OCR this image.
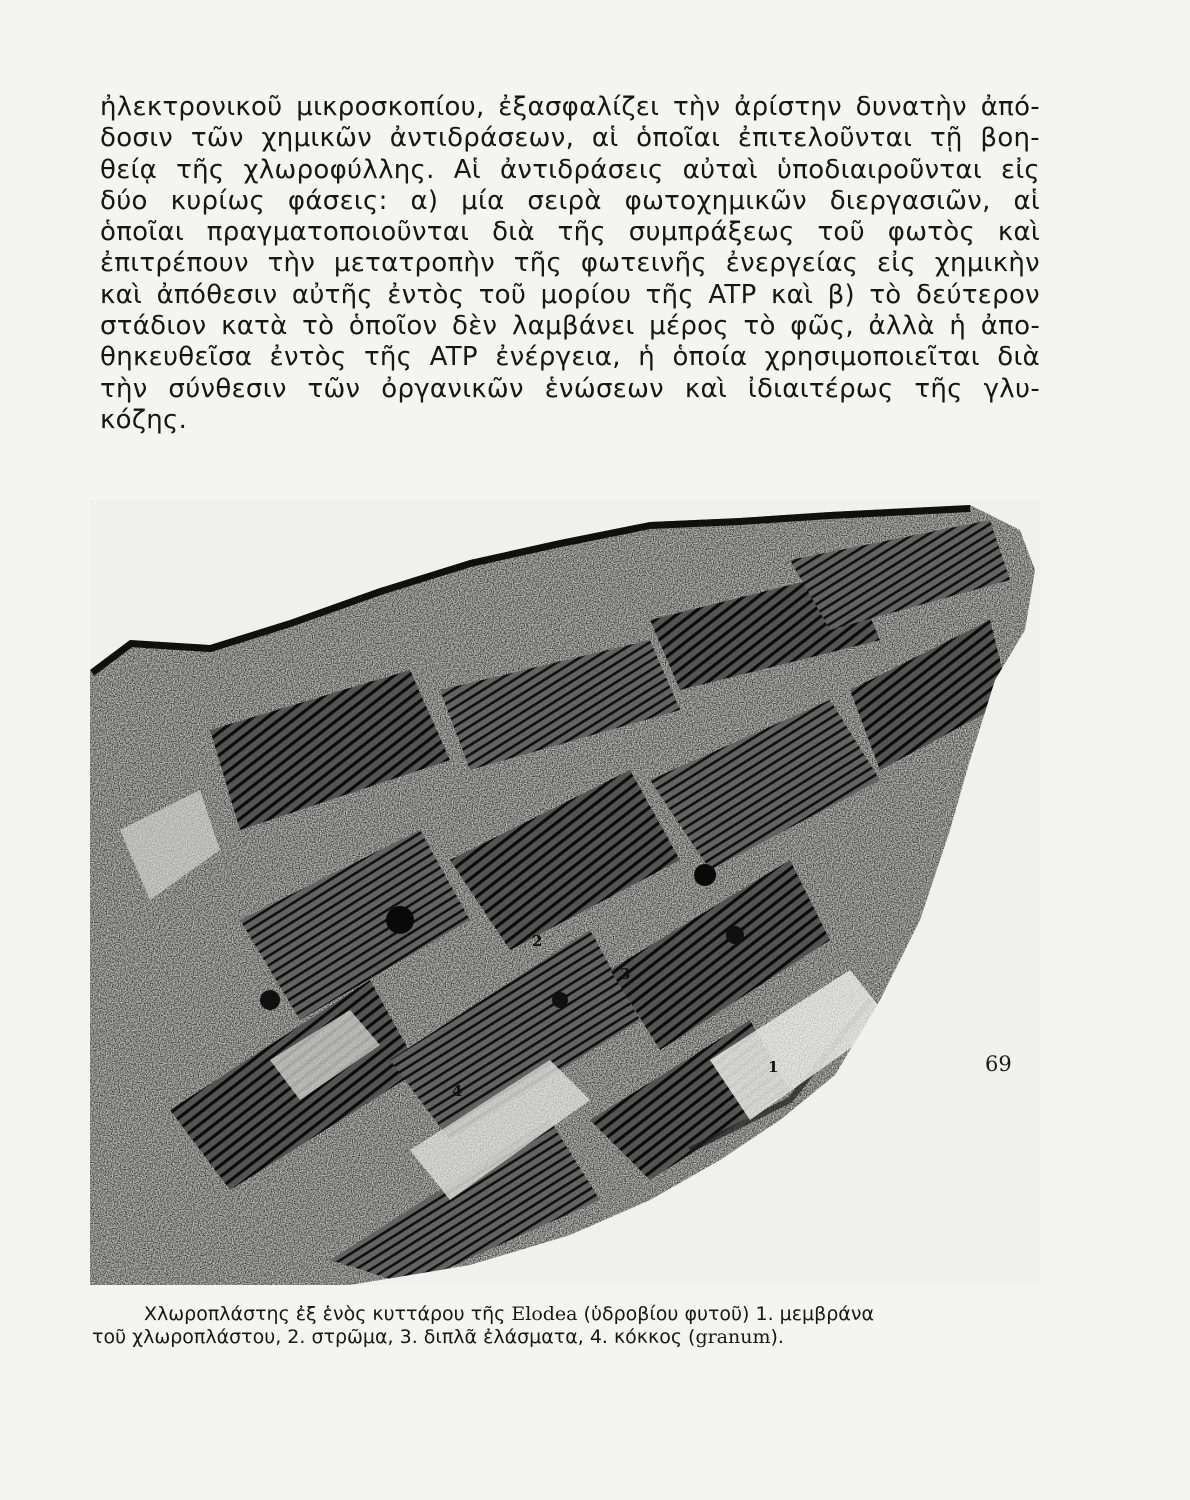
ἠλεκτρονικοῦ μικροσκοπίου, ἐξασφαλίζει τὴν ἀρίστην δυνατὴν ἀπό-
δοσιν τῶν χημικῶν ἀντιδράσεων, αἱ ὁποῖαι ἐπιτελοῦνται τῇ βοη-
θείᾳ τῆς χλωροφύλλης. Αἱ ἀντιδράσεις αὐταὶ ὑποδιαιροῦνται εἰς
δύο κυρίως φάσεις: α) μία σειρὰ φωτοχημικῶν διεργασιῶν, αἱ
ὁποῖαι πραγματοποιοῦνται διὰ τῆς συμπράξεως τοῦ φωτὸς καὶ
ἐπιτρέπουν τὴν μετατροπὴν τῆς φωτεινῆς ἐνεργείας εἰς χημικὴν
καὶ ἀπόθεσιν αὐτῆς ἐντὸς τοῦ μορίου τῆς ATP καὶ β) τὸ δεύτερον
στάδιον κατὰ τὸ ὁποῖον δὲν λαμβάνει μέρος τὸ φῶς, ἀλλὰ ἡ ἀπο-
θηκευθεῖσα ἐντὸς τῆς ATP ἐνέργεια, ἡ ὁποία χρησιμοποιεῖται διὰ
τὴν σύνθεσιν τῶν ὀργανικῶν ἑνώσεων καὶ ἰδιαιτέρως τῆς γλυ-
κόζης.
2
3
1
4
Χλωροπλάστης ἐξ ἑνὸς κυττάρου τῆς Elodea (ὑδροβίου φυτοῦ) 1. μεμβράνα
τοῦ χλωροπλάστου, 2. στρῶμα, 3. διπλᾶ ἐλάσματα, 4. κόκκος (granum).
69
